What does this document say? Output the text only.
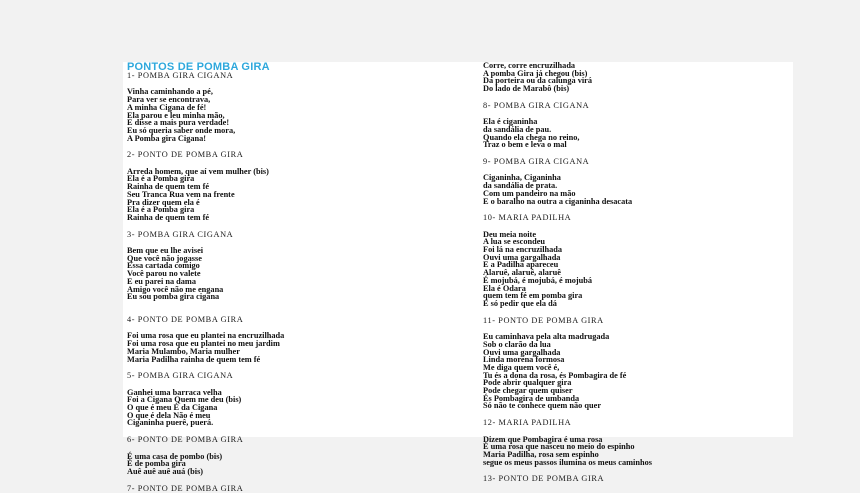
PONTOS DE POMBA GIRA

1- POMBA GIRA CIGANA

Vinha caminhando a pé,

Para ver se encontrava,

A minha Cigana de fé!

Ela parou e leu minha mão,

E disse a mais pura verdade!

Eu só queria saber onde mora,

A Pomba gira Cigana!

2- PONTO DE POMBA GIRA

Arreda homem, que aí vem mulher (bis)

Ela é a Pomba gira

Rainha de quem tem fé

Seu Tranca Rua vem na frente

Pra dizer quem ela é

Ela é a Pomba gira

Rainha de quem tem fé

3- POMBA GIRA CIGANA

Bem que eu lhe avisei

Que você não jogasse

Essa cartada comigo

Você parou no valete

E eu parei na dama

Amigo você não me engana

Eu sou pomba gira cigana

4- PONTO DE POMBA GIRA

Foi uma rosa que eu plantei na encruzilhada

Foi uma rosa que eu plantei no meu jardim

Maria Mulambo, Maria mulher

Maria Padilha rainha de quem tem fé

5- POMBA GIRA CIGANA

Ganhei uma barraca velha

Foi a Cigana Quem me deu (bis)

O que é meu É da Cigana

O que é dela Não é meu

Ciganinha puerê, puerá.

6- PONTO DE POMBA GIRA

É uma casa de pombo (bis)

É de pomba gira

Auê auê auê auá (bis)

7- PONTO DE POMBA GIRA

Corre, corre encruzilhada

A pomba Gira já chegou (bis)

Da porteira ou da calunga virá

Do lado de Marabô (bis)

8- POMBA GIRA CIGANA

Ela é ciganinha

da sandália de pau.

Quando ela chega no reino,

Traz o bem e leva o mal

9- POMBA GIRA CIGANA

Ciganinha, Ciganinha

da sandália de prata.

Com um pandeiro na mão

E o baralho na outra a ciganinha desacata

10- MARIA PADILHA

Deu meia noite

A lua se escondeu

Foi lá na encruzilhada

Ouvi uma gargalhada

E a Padilha apareceu

Alaruê, alaruê, alaruê

É mojubá, é mojubá, é mojubá

Ela é Odara

quem tem fé em pomba gira

E só pedir que ela dá

11- PONTO DE POMBA GIRA

Eu caminhava pela alta madrugada

Sob o clarão da lua

Ouvi uma gargalhada

Linda morena formosa

Me diga quem você é,

Tu és a dona da rosa, és Pombagira de fé

Pode abrir qualquer gira

Pode chegar quem quiser

És Pombagira de umbanda

Só não te conhece quem não quer

12- MARIA PADILHA

Dizem que Pombagira é uma rosa

É uma rosa que nasceu no meio do espinho

Maria Padilha, rosa sem espinho

segue os meus passos ilumina os meus caminhos

13- PONTO DE POMBA GIRA
